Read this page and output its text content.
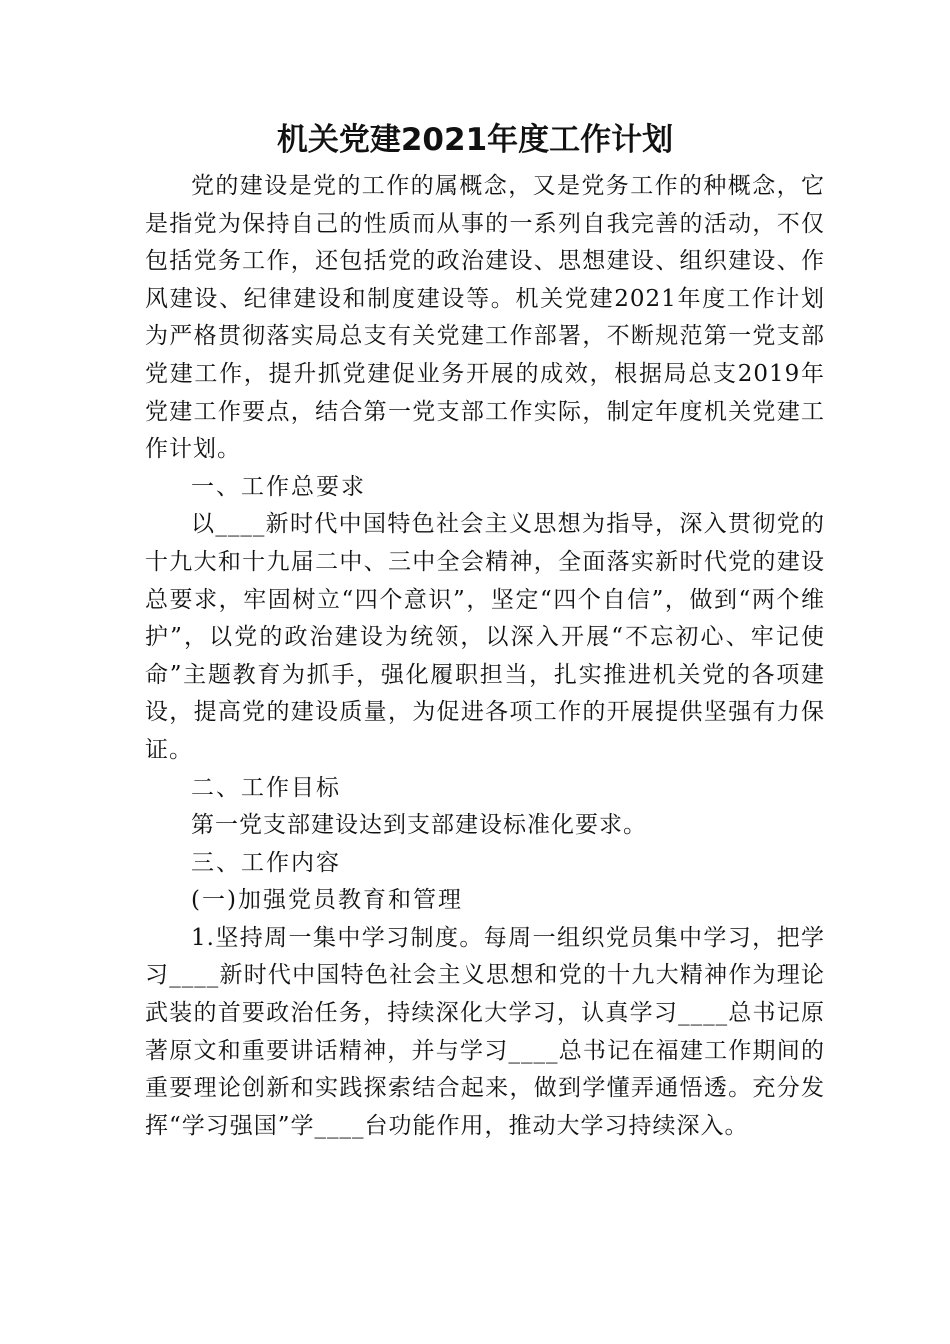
机关党建2021年度工作计划

党的建设是党的工作的属概念，又是党务工作的种概念，它是指党为保持自己的性质而从事的一系列自我完善的活动，不仅包括党务工作，还包括党的政治建设、思想建设、组织建设、作风建设、纪律建设和制度建设等。机关党建2021年度工作计划为严格贯彻落实局总支有关党建工作部署，不断规范第一党支部党建工作，提升抓党建促业务开展的成效，根据局总支2019年党建工作要点，结合第一党支部工作实际，制定年度机关党建工作计划。

一、工作总要求

以____新时代中国特色社会主义思想为指导，深入贯彻党的十九大和十九届二中、三中全会精神，全面落实新时代党的建设总要求，牢固树立“四个意识”，坚定“四个自信”，做到“两个维护”，以党的政治建设为统领，以深入开展“不忘初心、牢记使命”主题教育为抓手，强化履职担当，扎实推进机关党的各项建设，提高党的建设质量，为促进各项工作的开展提供坚强有力保证。

二、工作目标

第一党支部建设达到支部建设标准化要求。

三、工作内容

(一)加强党员教育和管理

1.坚持周一集中学习制度。每周一组织党员集中学习，把学习____新时代中国特色社会主义思想和党的十九大精神作为理论武装的首要政治任务，持续深化大学习，认真学习____总书记原著原文和重要讲话精神，并与学习____总书记在福建工作期间的重要理论创新和实践探索结合起来，做到学懂弄通悟透。充分发挥“学习强国”学____台功能作用，推动大学习持续深入。
